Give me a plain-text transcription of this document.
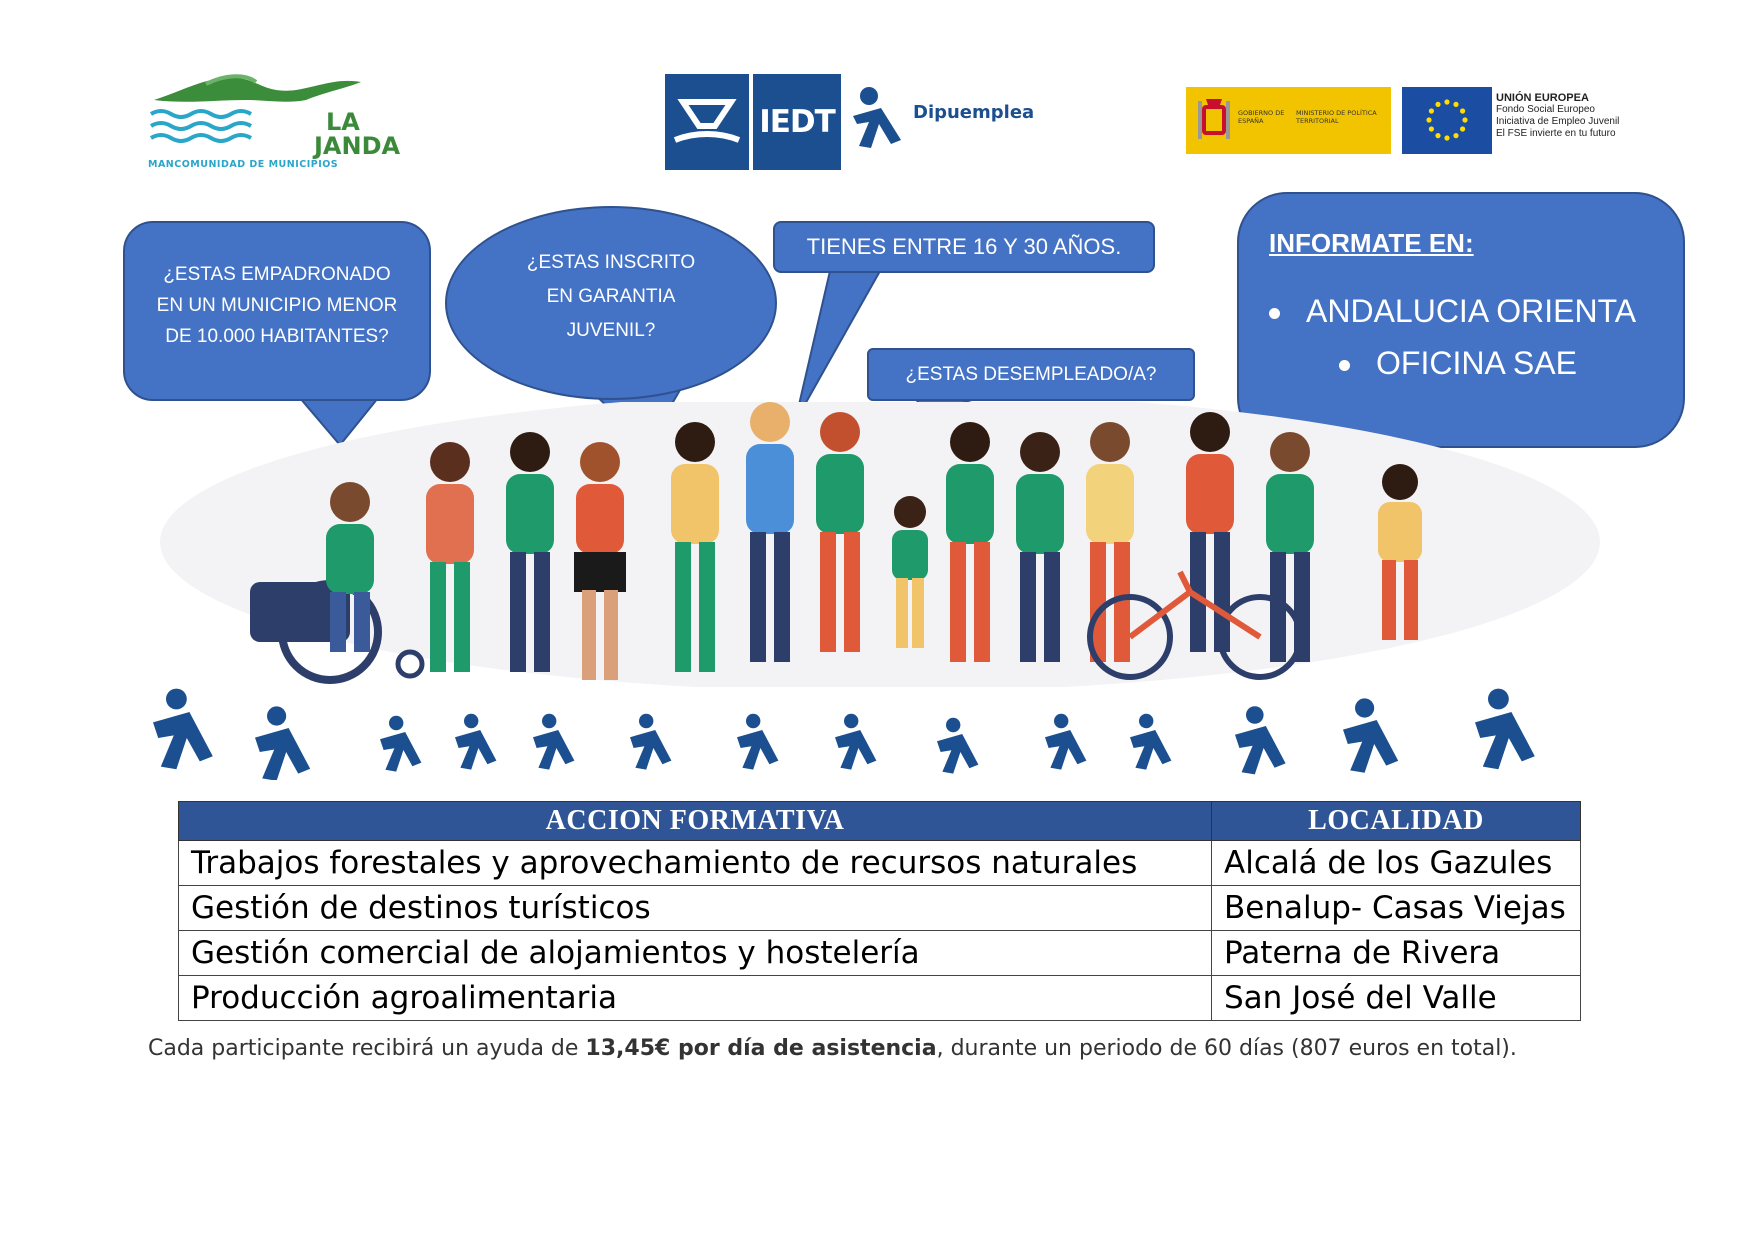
LA
JANDA
MANCOMUNIDAD DE MUNICIPIOS
IEDT	Dipuemplea	GOBIERNO DE ESPAÑA
MINISTERIO DE POLÍTICA TERRITORIAL
UNIÓN EUROPEA
Fondo Social Europeo
Iniciativa de Empleo Juvenil
El FSE invierte en tu futuro
¿ESTAS EMPADRONADO
EN UN MUNICIPIO MENOR
DE 10.000 HABITANTES?
¿ESTAS INSCRITO
EN GARANTIA
JUVENIL?
TIENES ENTRE 16 Y 30 AÑOS.
¿ESTAS DESEMPLEADO/A?
INFORMATE EN:
ANDALUCIA ORIENTA
OFICINA SAE
ACCION FORMATIVA	LOCALIDAD
Trabajos forestales y aprovechamiento de recursos naturales	Alcalá de los Gazules
Gestión de destinos turísticos	Benalup- Casas Viejas
Gestión comercial de alojamientos y hostelería	Paterna de Rivera
Producción agroalimentaria	San José del Valle
Cada participante recibirá un ayuda de 13,45€ por día de asistencia, durante un periodo de 60 días (807 euros en total).
